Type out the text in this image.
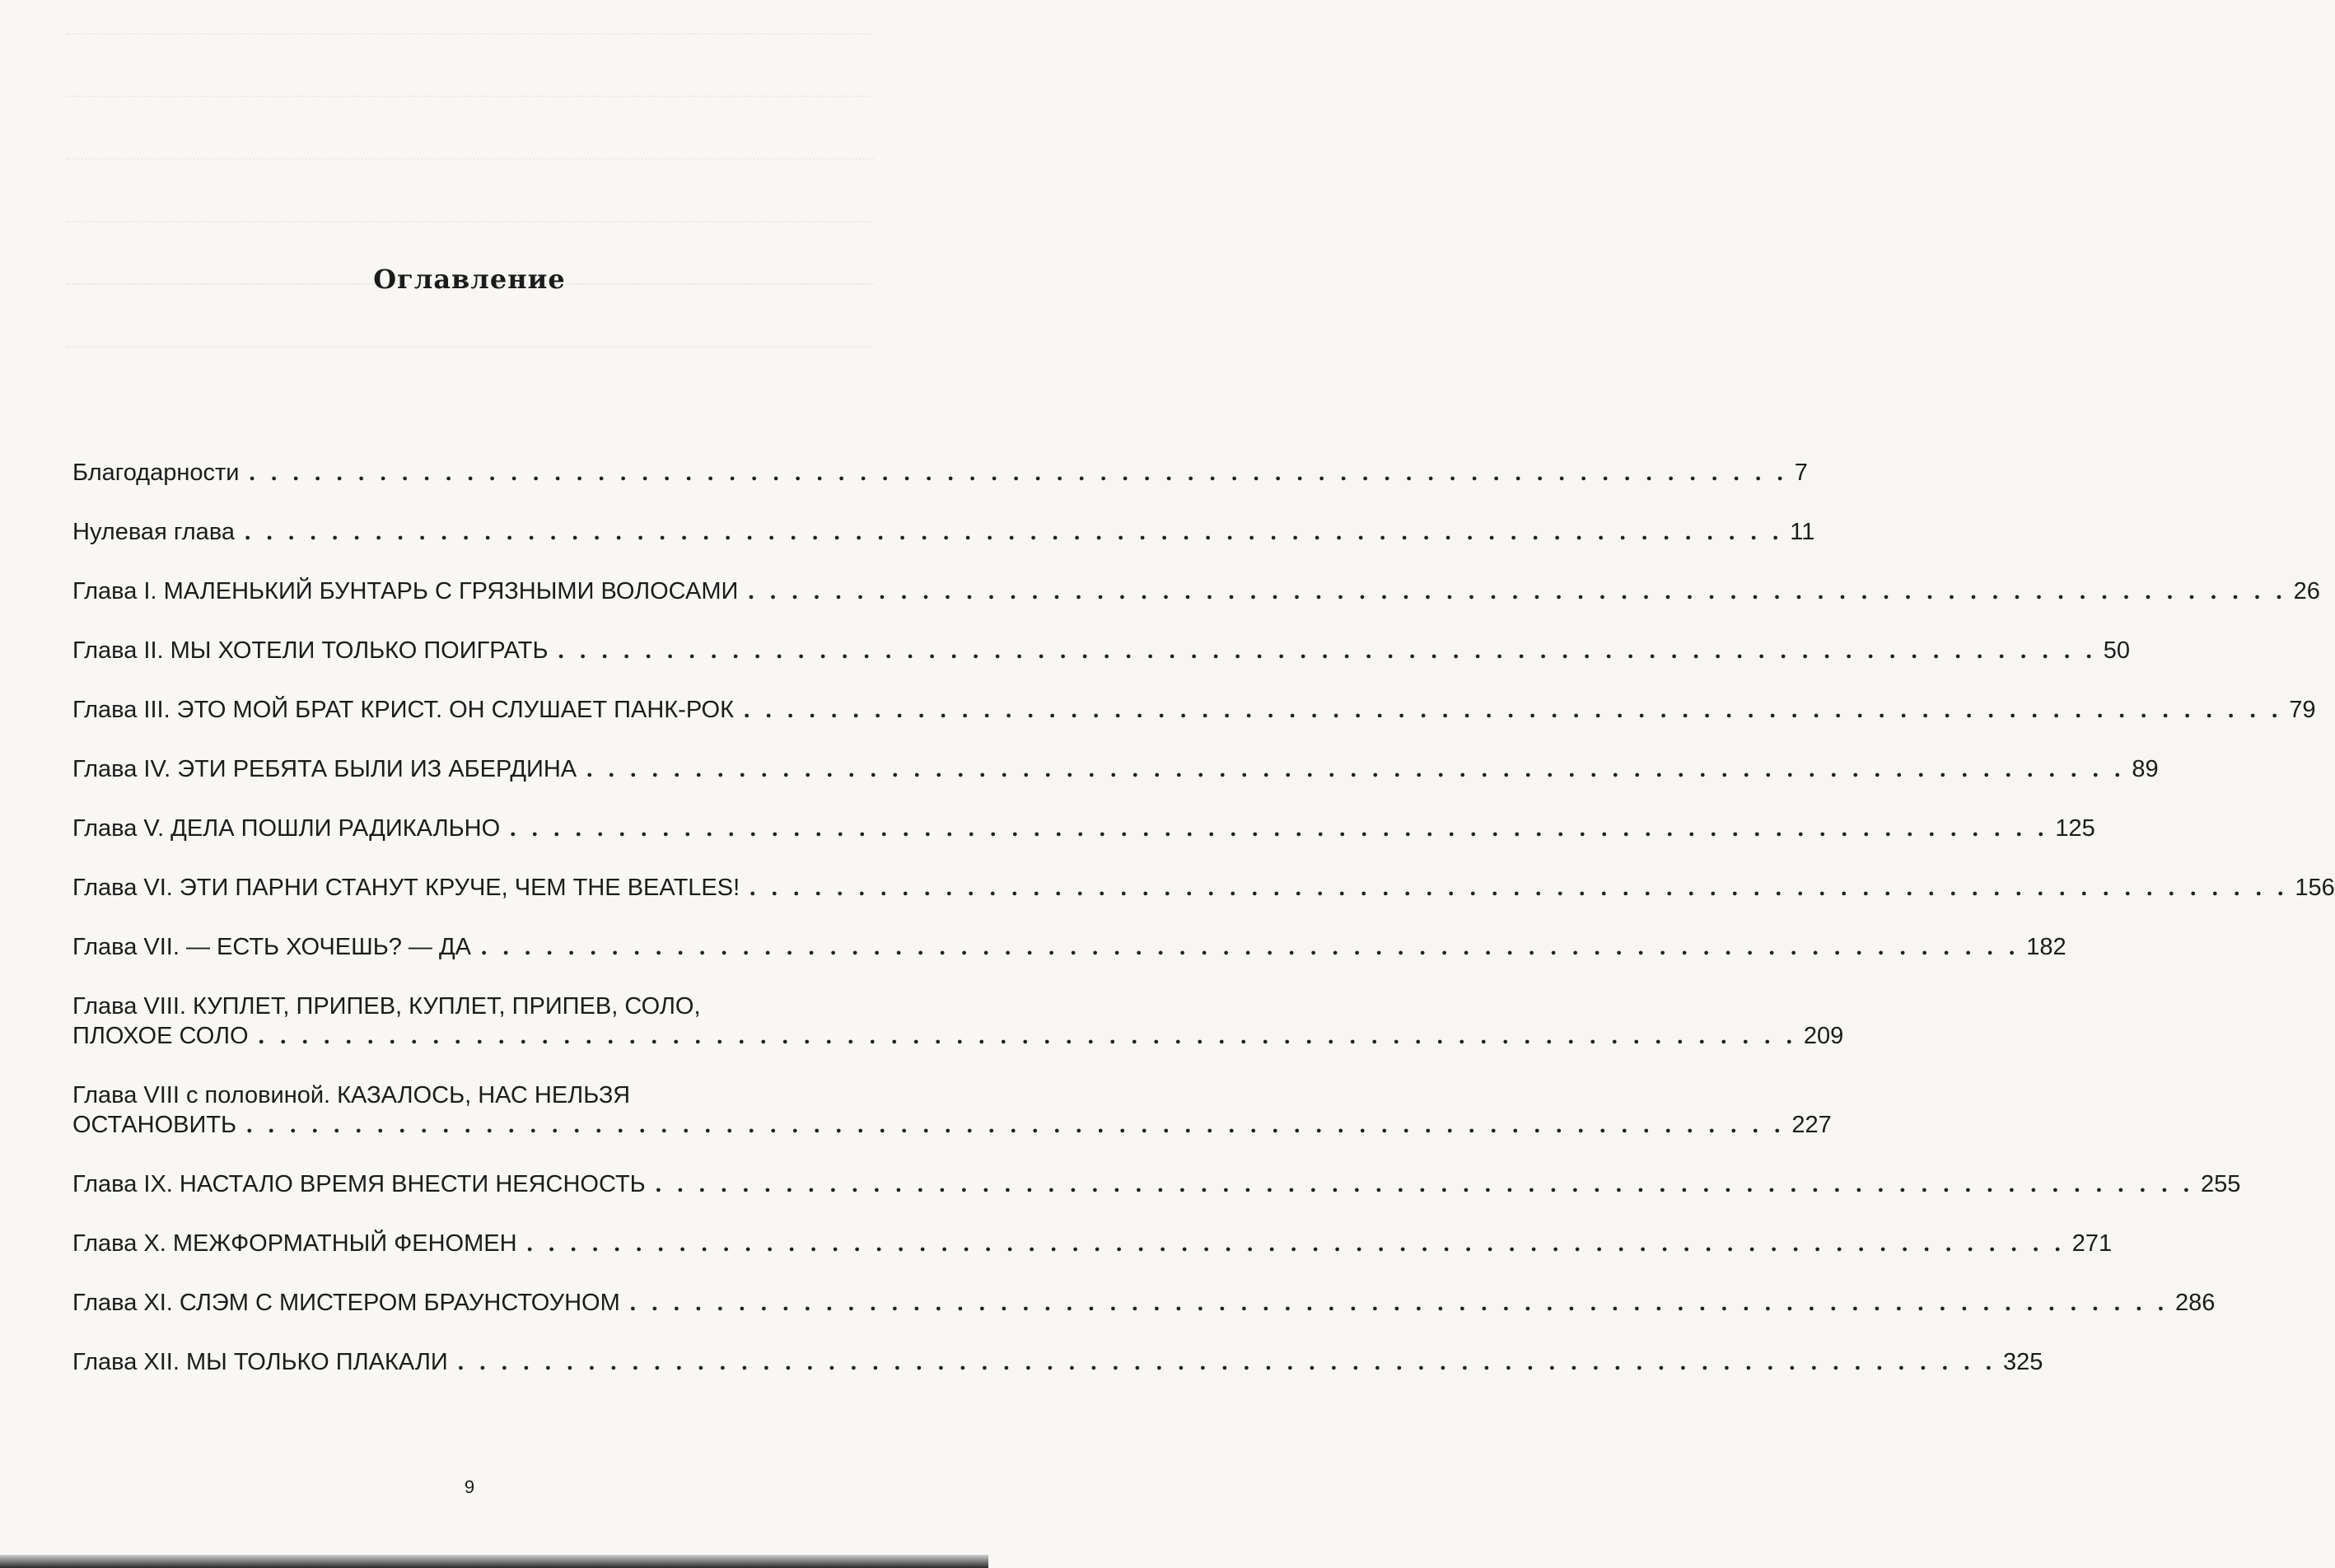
Оглавление
Благодарности . . . . . . . . . . . . . . . . . . . . . . . . . . . . . . . . . . . . . . . . . . . . . . . . . . . . . . . . . . . . . . . . . . . . . . . 7
Нулевая глава . . . . . . . . . . . . . . . . . . . . . . . . . . . . . . . . . . . . . . . . . . . . . . . . . . . . . . . . . . . . . . . . . . . . . . . 11
Глава I. МАЛЕНЬКИЙ БУНТАРЬ С ГРЯЗНЫМИ ВОЛОСАМИ . . . . . . . . . . . . . . . . . . . . . . . . . . . . . . . . . . . . . . . . . . . . . . . . . . . . . . . . . . . . . . . . . . . . . . . 26
Глава II. МЫ ХОТЕЛИ ТОЛЬКО ПОИГРАТЬ . . . . . . . . . . . . . . . . . . . . . . . . . . . . . . . . . . . . . . . . . . . . . . . . . . . . . . . . . . . . . . . . . . . . . . . 50
Глава III. ЭТО МОЙ БРАТ КРИСТ. ОН СЛУШАЕТ ПАНК-РОК . . . . . . . . . . . . . . . . . . . . . . . . . . . . . . . . . . . . . . . . . . . . . . . . . . . . . . . . . . . . . . . . . . . . . . . 79
Глава IV. ЭТИ РЕБЯТА БЫЛИ ИЗ АБЕРДИНА . . . . . . . . . . . . . . . . . . . . . . . . . . . . . . . . . . . . . . . . . . . . . . . . . . . . . . . . . . . . . . . . . . . . . . . 89
Глава V. ДЕЛА ПОШЛИ РАДИКАЛЬНО . . . . . . . . . . . . . . . . . . . . . . . . . . . . . . . . . . . . . . . . . . . . . . . . . . . . . . . . . . . . . . . . . . . . . . . 125
Глава VI. ЭТИ ПАРНИ СТАНУТ КРУЧЕ, ЧЕМ THE BEATLES! . . . . . . . . . . . . . . . . . . . . . . . . . . . . . . . . . . . . . . . . . . . . . . . . . . . . . . . . . . . . . . . . . . . . . . . 156
Глава VII. — ЕСТЬ ХОЧЕШЬ? — ДА . . . . . . . . . . . . . . . . . . . . . . . . . . . . . . . . . . . . . . . . . . . . . . . . . . . . . . . . . . . . . . . . . . . . . . . 182
Глава VIII. КУПЛЕТ, ПРИПЕВ, КУПЛЕТ, ПРИПЕВ, СОЛО,
ПЛОХОЕ СОЛО . . . . . . . . . . . . . . . . . . . . . . . . . . . . . . . . . . . . . . . . . . . . . . . . . . . . . . . . . . . . . . . . . . . . . . . 209
Глава VIII с половиной. КАЗАЛОСЬ, НАС НЕЛЬЗЯ
ОСТАНОВИТЬ . . . . . . . . . . . . . . . . . . . . . . . . . . . . . . . . . . . . . . . . . . . . . . . . . . . . . . . . . . . . . . . . . . . . . . . 227
Глава IX. НАСТАЛО ВРЕМЯ ВНЕСТИ НЕЯСНОСТЬ . . . . . . . . . . . . . . . . . . . . . . . . . . . . . . . . . . . . . . . . . . . . . . . . . . . . . . . . . . . . . . . . . . . . . . . 255
Глава X. МЕЖФОРМАТНЫЙ ФЕНОМЕН . . . . . . . . . . . . . . . . . . . . . . . . . . . . . . . . . . . . . . . . . . . . . . . . . . . . . . . . . . . . . . . . . . . . . . . 271
Глава XI. СЛЭМ С МИСТЕРОМ БРАУНСТОУНОМ . . . . . . . . . . . . . . . . . . . . . . . . . . . . . . . . . . . . . . . . . . . . . . . . . . . . . . . . . . . . . . . . . . . . . . . 286
Глава XII. МЫ ТОЛЬКО ПЛАКАЛИ . . . . . . . . . . . . . . . . . . . . . . . . . . . . . . . . . . . . . . . . . . . . . . . . . . . . . . . . . . . . . . . . . . . . . . . 325
9
